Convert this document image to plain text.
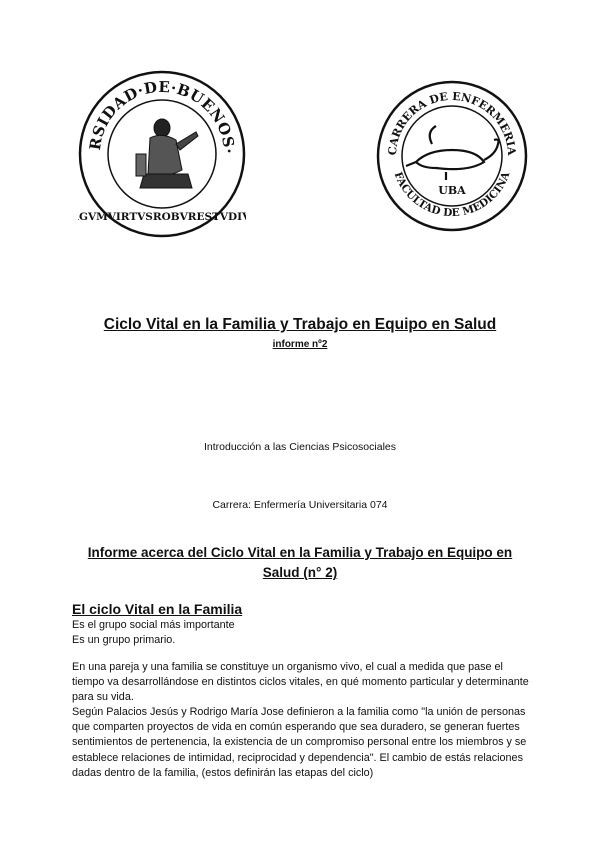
RSIDAD·DE·BUENOS·
GVMVIRTVSROBVRESTVDI
CARRERA DE ENFERMERIA
FACULTAD DE MEDICINA
UBA
Ciclo Vital en la Familia y Trabajo en Equipo en Salud
informe nº2
Introducción a las Ciencias Psicosociales
Carrera: Enfermería Universitaria 074
Informe acerca del Ciclo Vital en la Familia y Trabajo en Equipo en
Salud (n° 2)
El ciclo Vital en la Familia

Es el grupo social más importante

Es un grupo primario.

En una pareja y una familia se constituye un organismo vivo, el cual a medida que pase el tiempo va desarrollándose en distintos ciclos vitales, en qué momento particular y determinante para su vida.

Según Palacios Jesús y Rodrigo María Jose definieron a la familia como "la unión de personas que comparten proyectos de vida en común esperando que sea duradero, se generan fuertes sentimientos de pertenencia, la existencia de un compromiso personal entre los miembros y se establece relaciones de intimidad, reciprocidad y dependencia". El cambio de estás relaciones dadas dentro de la familia, (estos definirán las etapas del ciclo)
